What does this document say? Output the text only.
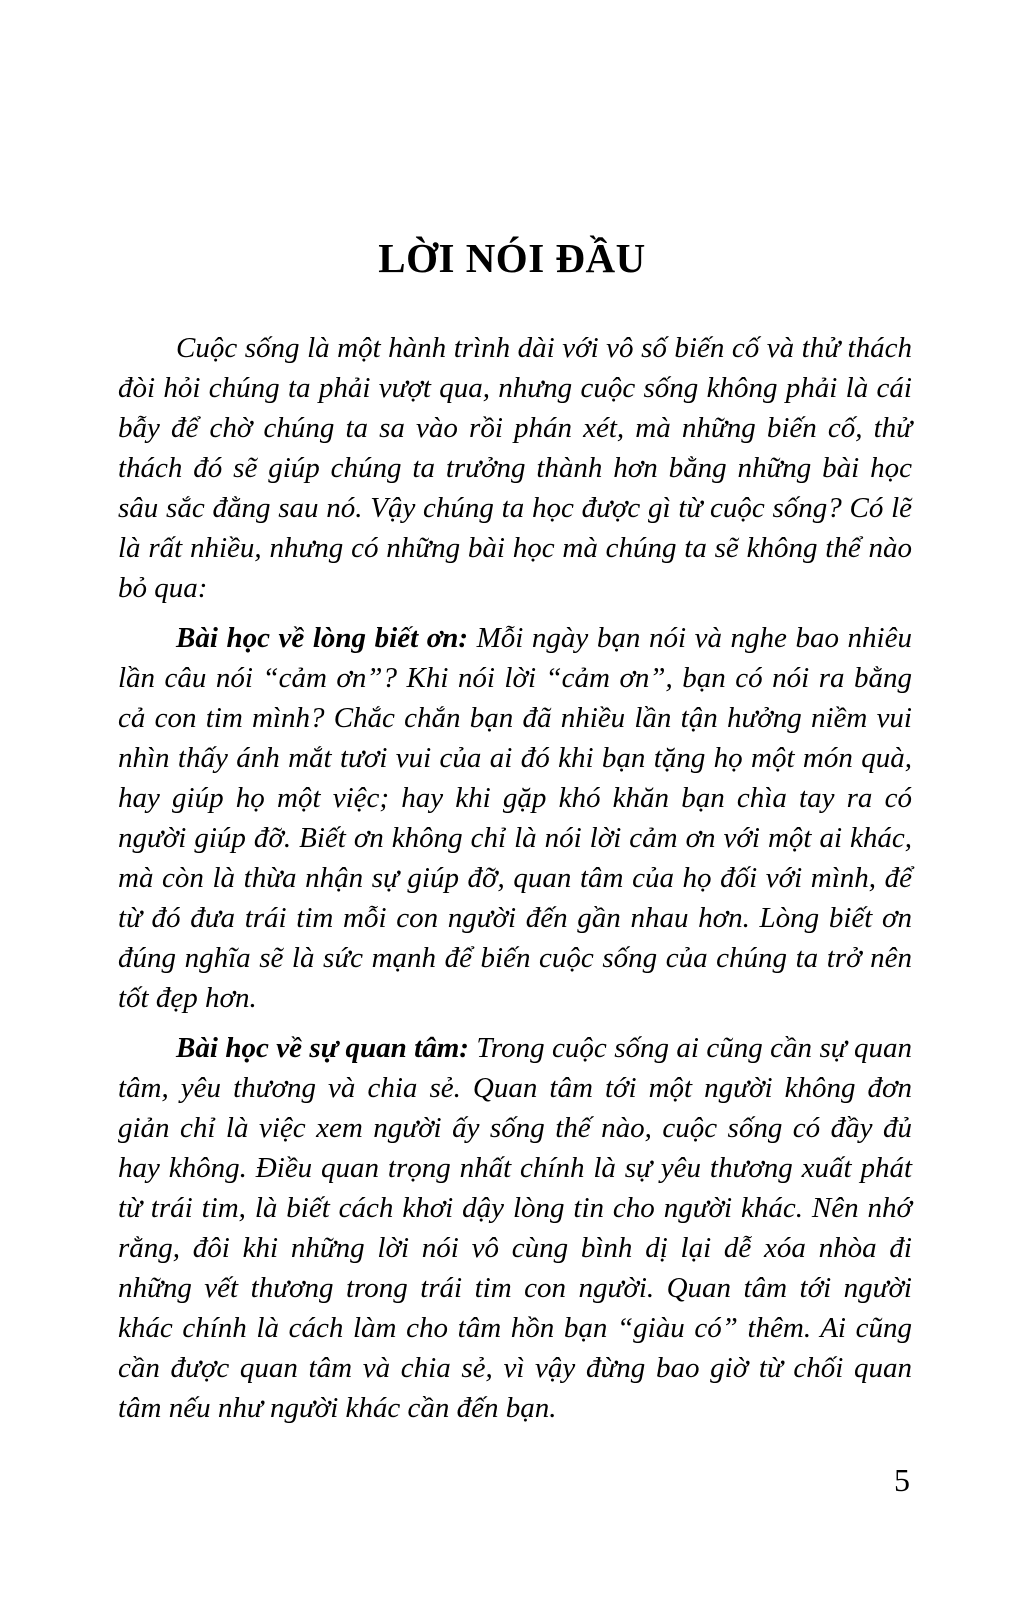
LỜI NÓI ĐẦU

Cuộc sống là một hành trình dài với vô số biến cố và thử thách đòi hỏi chúng ta phải vượt qua, nhưng cuộc sống không phải là cái bẫy để chờ chúng ta sa vào rồi phán xét, mà những biến cố, thử thách đó sẽ giúp chúng ta trưởng thành hơn bằng những bài học sâu sắc đằng sau nó. Vậy chúng ta học được gì từ cuộc sống? Có lẽ là rất nhiều, nhưng có những bài học mà chúng ta sẽ không thể nào bỏ qua:

Bài học về lòng biết ơn: Mỗi ngày bạn nói và nghe bao nhiêu lần câu nói “cảm ơn”? Khi nói lời “cảm ơn”, bạn có nói ra bằng cả con tim mình? Chắc chắn bạn đã nhiều lần tận hưởng niềm vui nhìn thấy ánh mắt tươi vui của ai đó khi bạn tặng họ một món quà, hay giúp họ một việc; hay khi gặp khó khăn bạn chìa tay ra có người giúp đỡ. Biết ơn không chỉ là nói lời cảm ơn với một ai khác, mà còn là thừa nhận sự giúp đỡ, quan tâm của họ đối với mình, để từ đó đưa trái tim mỗi con người đến gần nhau hơn. Lòng biết ơn đúng nghĩa sẽ là sức mạnh để biến cuộc sống của chúng ta trở nên tốt đẹp hơn.

Bài học về sự quan tâm: Trong cuộc sống ai cũng cần sự quan tâm, yêu thương và chia sẻ. Quan tâm tới một người không đơn giản chỉ là việc xem người ấy sống thế nào, cuộc sống có đầy đủ hay không. Điều quan trọng nhất chính là sự yêu thương xuất phát từ trái tim, là biết cách khơi dậy lòng tin cho người khác. Nên nhớ rằng, đôi khi những lời nói vô cùng bình dị lại dễ xóa nhòa đi những vết thương trong trái tim con người. Quan tâm tới người khác chính là cách làm cho tâm hồn bạn “giàu có” thêm. Ai cũng cần được quan tâm và chia sẻ, vì vậy đừng bao giờ từ chối quan tâm nếu như người khác cần đến bạn.

5
